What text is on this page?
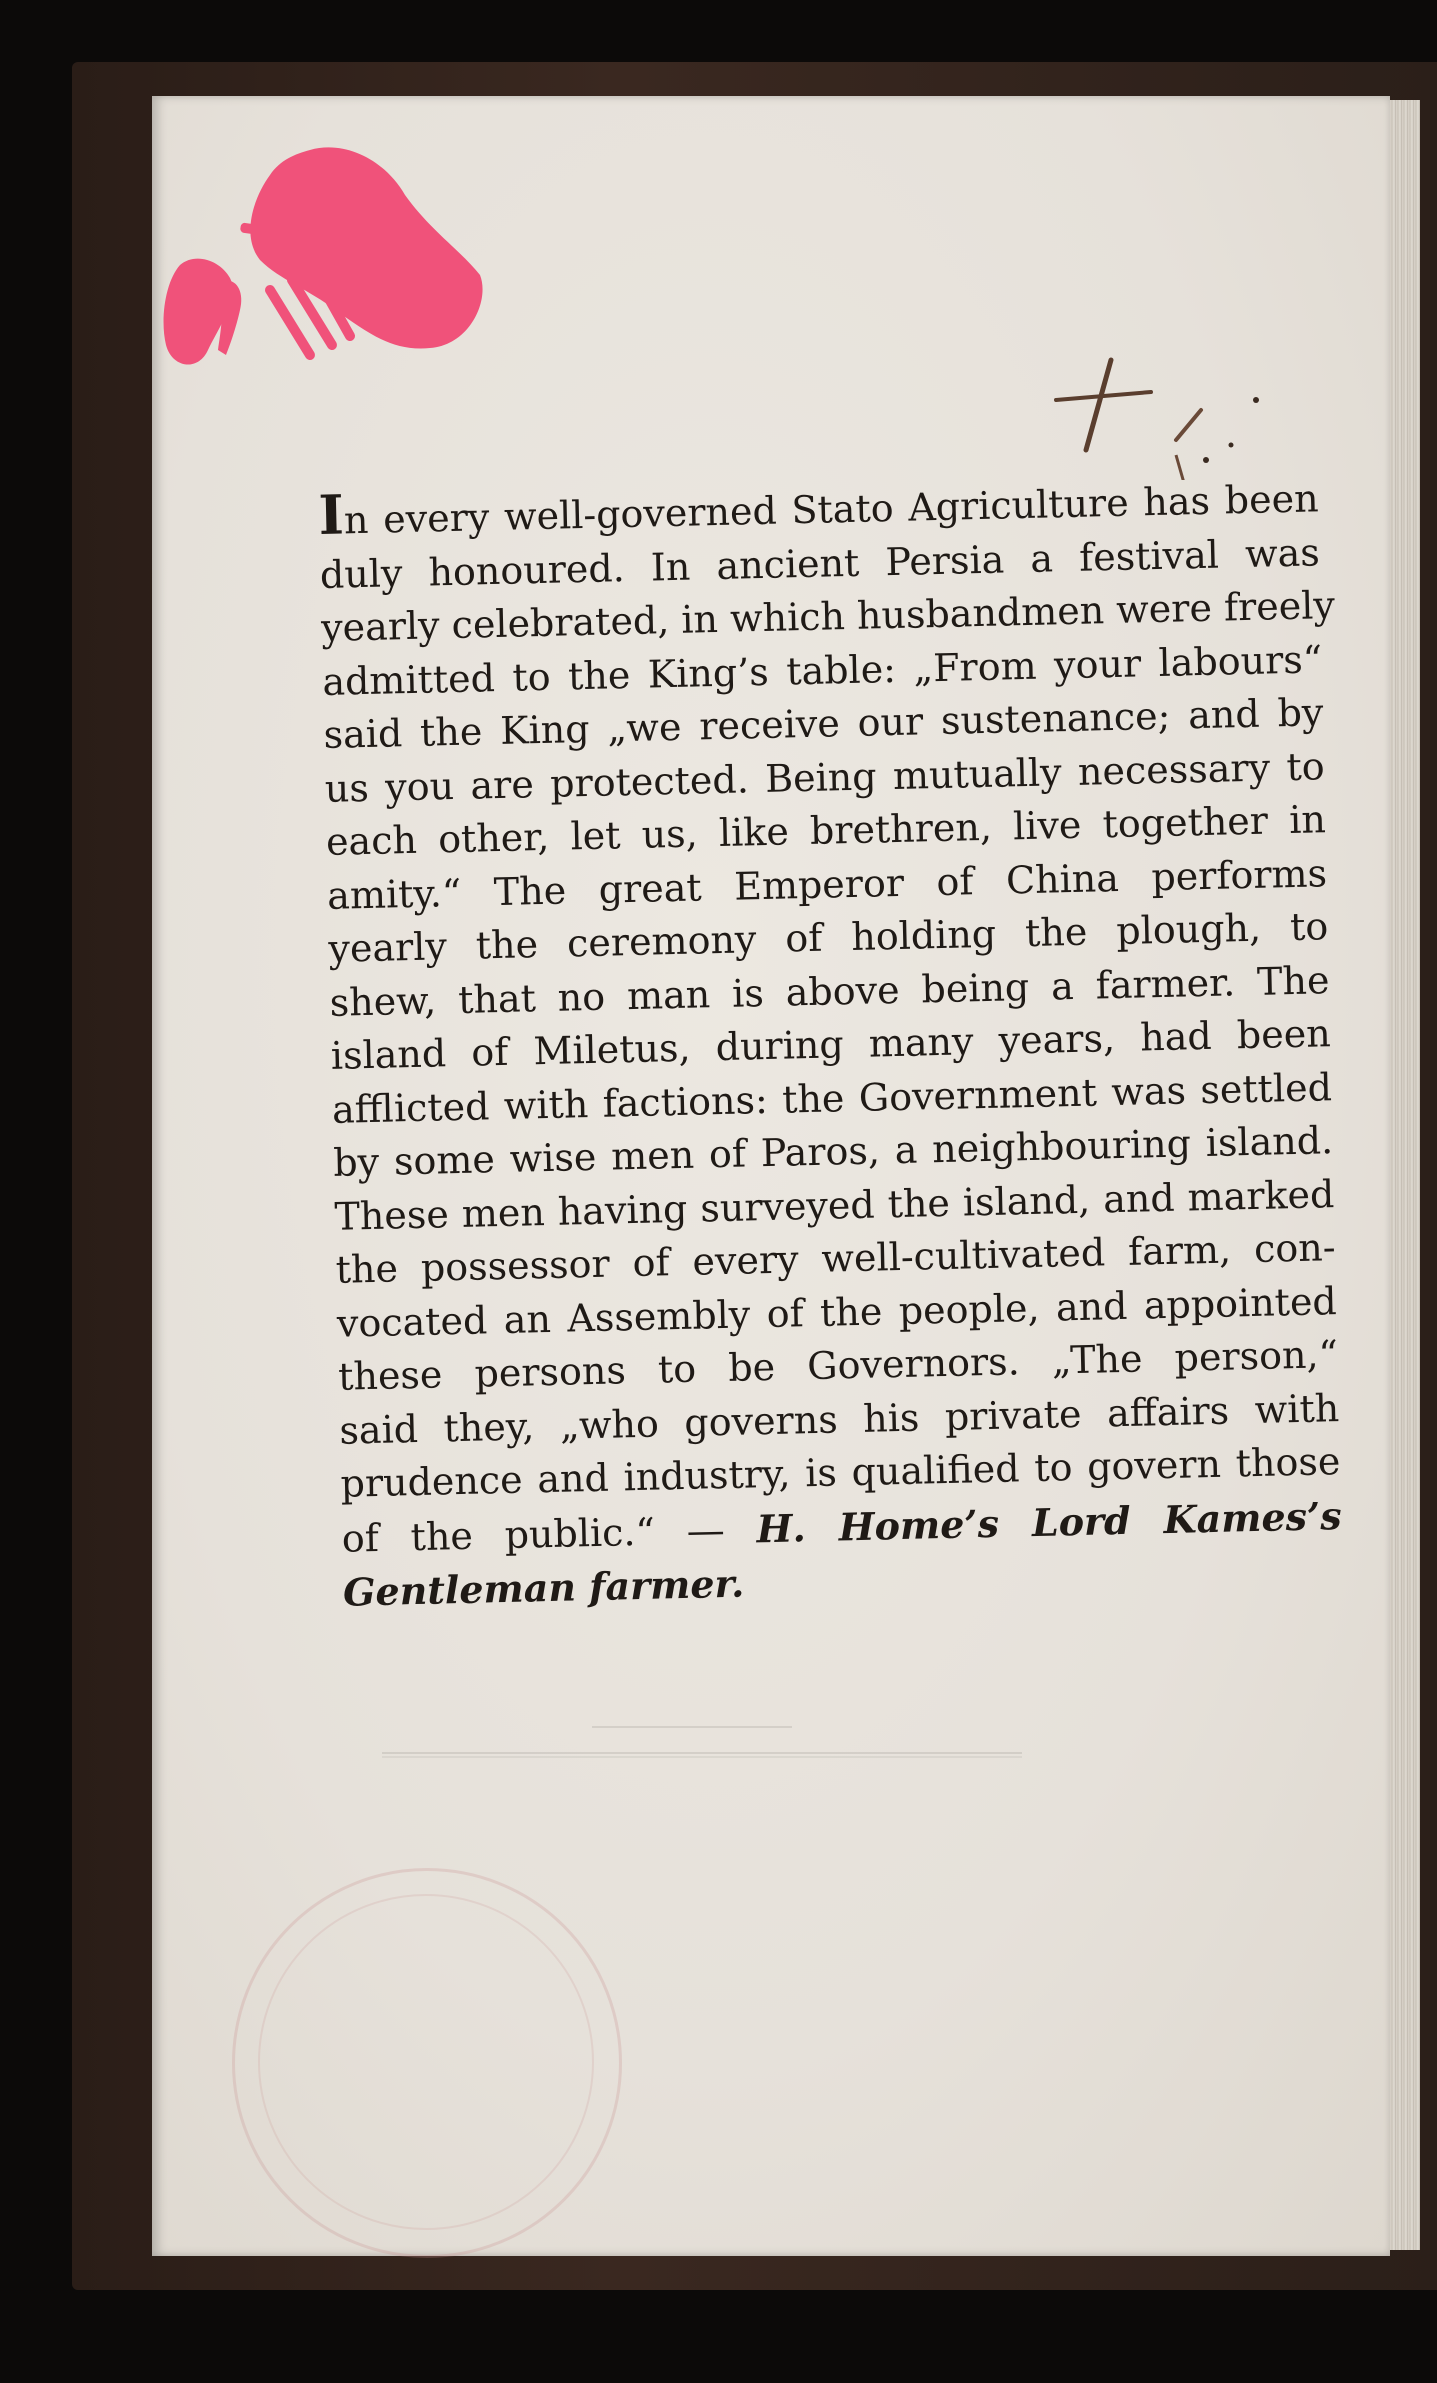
In every well-governed Stato Agriculture has been
duly honoured. In ancient Persia a festival was
yearly celebrated, in which husbandmen were freely
admitted to the King’s table: „From your labours“
said the King „we receive our sustenance; and by
us you are protected. Being mutually necessary to
each other, let us, like brethren, live together in
amity.“ The great Emperor of China performs
yearly the ceremony of holding the plough, to
shew, that no man is above being a farmer. The
island of Miletus, during many years, had been
afflicted with factions: the Government was settled
by some wise men of Paros, a neighbouring island.
These men having surveyed the island, and marked
the possessor of every well-cultivated farm, con-
vocated an Assembly of the people, and appointed
these persons to be Governors. „The person,“
said they, „who governs his private affairs with
prudence and industry, is qualified to govern those
of the public.“ — H. Home’s Lord Kames’s
Gentleman farmer.
